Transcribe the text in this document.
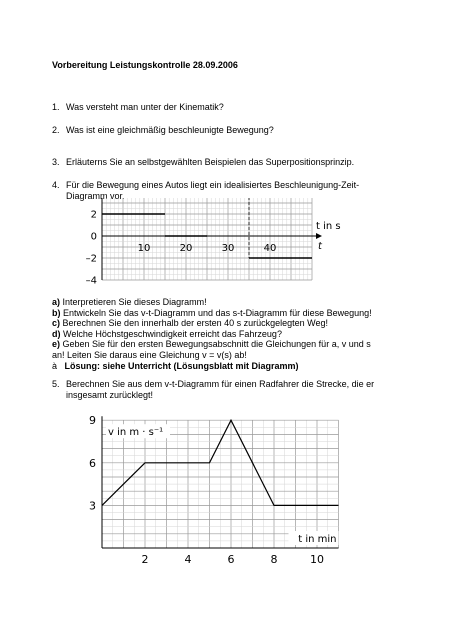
Vorbereitung Leistungskontrolle 28.09.2006
1. Was versteht man unter der Kinematik?
2. Was ist eine gleichmäßig beschleunigte Bewegung?
3. Erläuterns Sie an selbstgewählten Beispielen das Superpositionsprinzip.
4. Für die Bewegung eines Autos liegt ein idealisiertes Beschleunigung-Zeit-
Diagramm vor.
2
0
–2
–4
10	20	30	40
t in s
t
a) Interpretieren Sie dieses Diagramm!
b) Entwickeln Sie das v-t-Diagramm und das s-t-Diagramm für diese Bewegung!
c) Berechnen Sie den innerhalb der ersten 40 s zurückgelegten Weg!
d) Welche Höchstgeschwindigkeit erreicht das Fahrzeug?
e) Geben Sie für den ersten Bewegungsabschnitt die Gleichungen für a, v und s
an! Leiten Sie daraus eine Gleichung v = v(s) ab!
à Lösung: siehe Unterricht (Lösungsblatt mit Diagramm)
5. Berechnen Sie aus dem v-t-Diagramm für einen Radfahrer die Strecke, die er
insgesamt zurücklegt!
3
6
9
2	4	6	8	10
v in m · s⁻¹
t in min
